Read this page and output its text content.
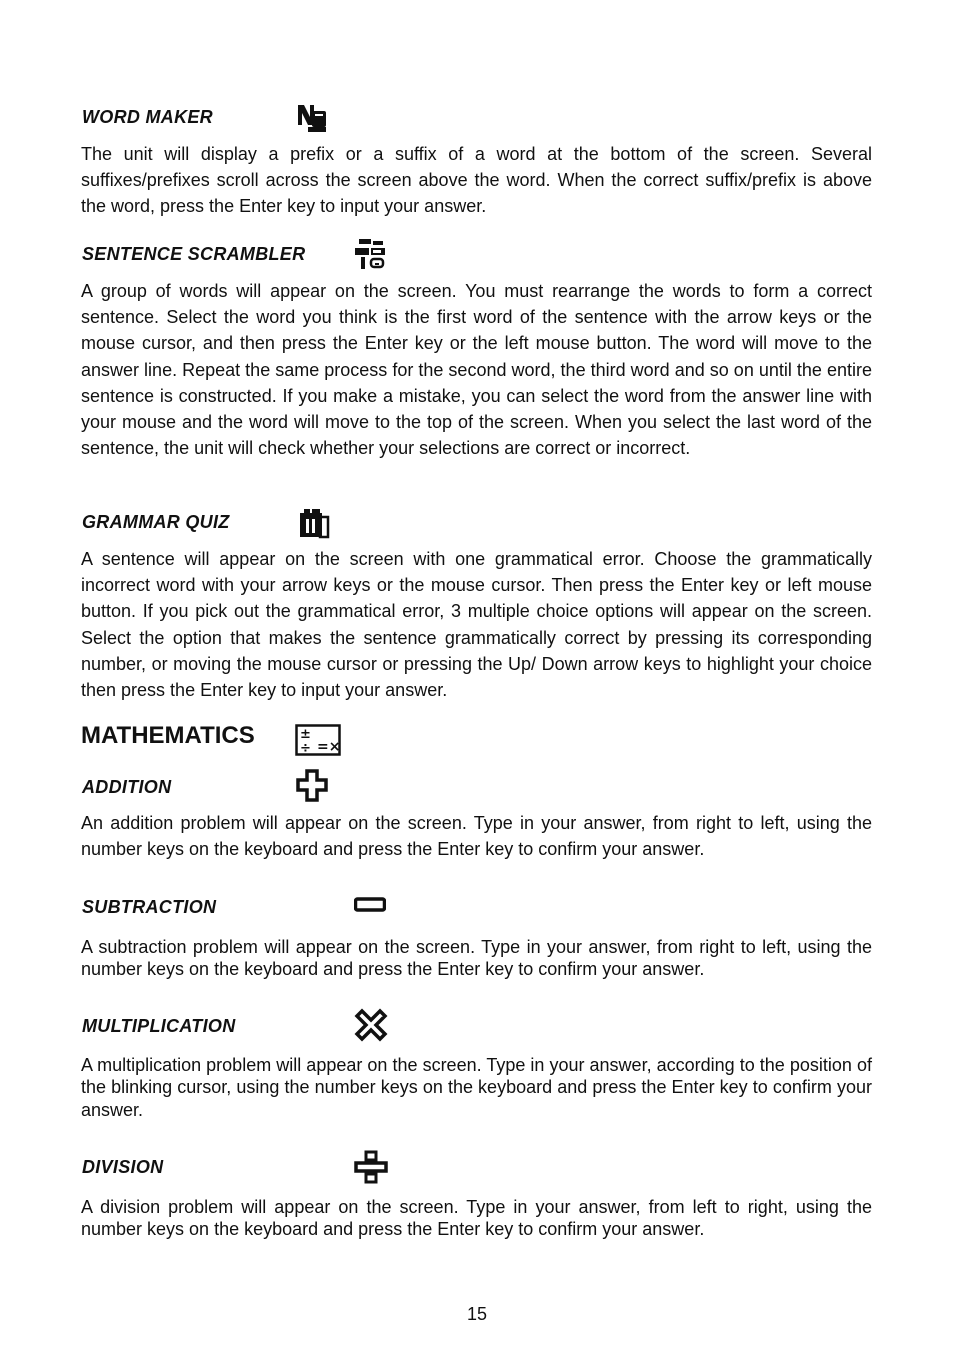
WORD MAKER

The unit will display a prefix or a suffix of a word at the bottom of the screen. Several suffixes/prefixes scroll across the screen above the word. When the correct suffix/prefix is above the word, press the Enter key to input your answer.

SENTENCE SCRAMBLER

A group of words will appear on the screen. You must rearrange the words to form a correct sentence. Select the word you think is the first word of the sentence with the arrow keys or the mouse cursor, and then press the Enter key or the left mouse button. The word will move to the answer line. Repeat the same process for the second word, the third word and so on until the entire sentence is constructed. If you make a mistake, you can select the word from the answer line with your mouse and the word will move to the top of the screen. When you select the last word of the sentence, the unit will check whether your selections are correct or incorrect.

GRAMMAR QUIZ

A sentence will appear on the screen with one grammatical error. Choose the grammatically incorrect word with your arrow keys or the mouse cursor. Then press the Enter key or left mouse button. If you pick out the grammatical error, 3 multiple choice options will appear on the screen. Select the option that makes the sentence grammatically correct by pressing its corresponding number, or moving the mouse cursor or pressing the Up/ Down arrow keys to highlight your choice then press the Enter key to input your answer.

MATHEMATICS	±
÷ =×
ADDITION

An addition problem will appear on the screen. Type in your answer, from right to left, using the number keys on the keyboard and press the Enter key to confirm your answer.

SUBTRACTION

A subtraction problem will appear on the screen. Type in your answer, from right to left, using the number keys on the keyboard and press the Enter key to confirm your answer.

MULTIPLICATION

A multiplication problem will appear on the screen. Type in your answer, according to the position of the blinking cursor, using the number keys on the keyboard and press the Enter key to confirm your answer.

DIVISION

A division problem will appear on the screen. Type in your answer, from left to right, using the number keys on the keyboard and press the Enter key to confirm your answer.

15
